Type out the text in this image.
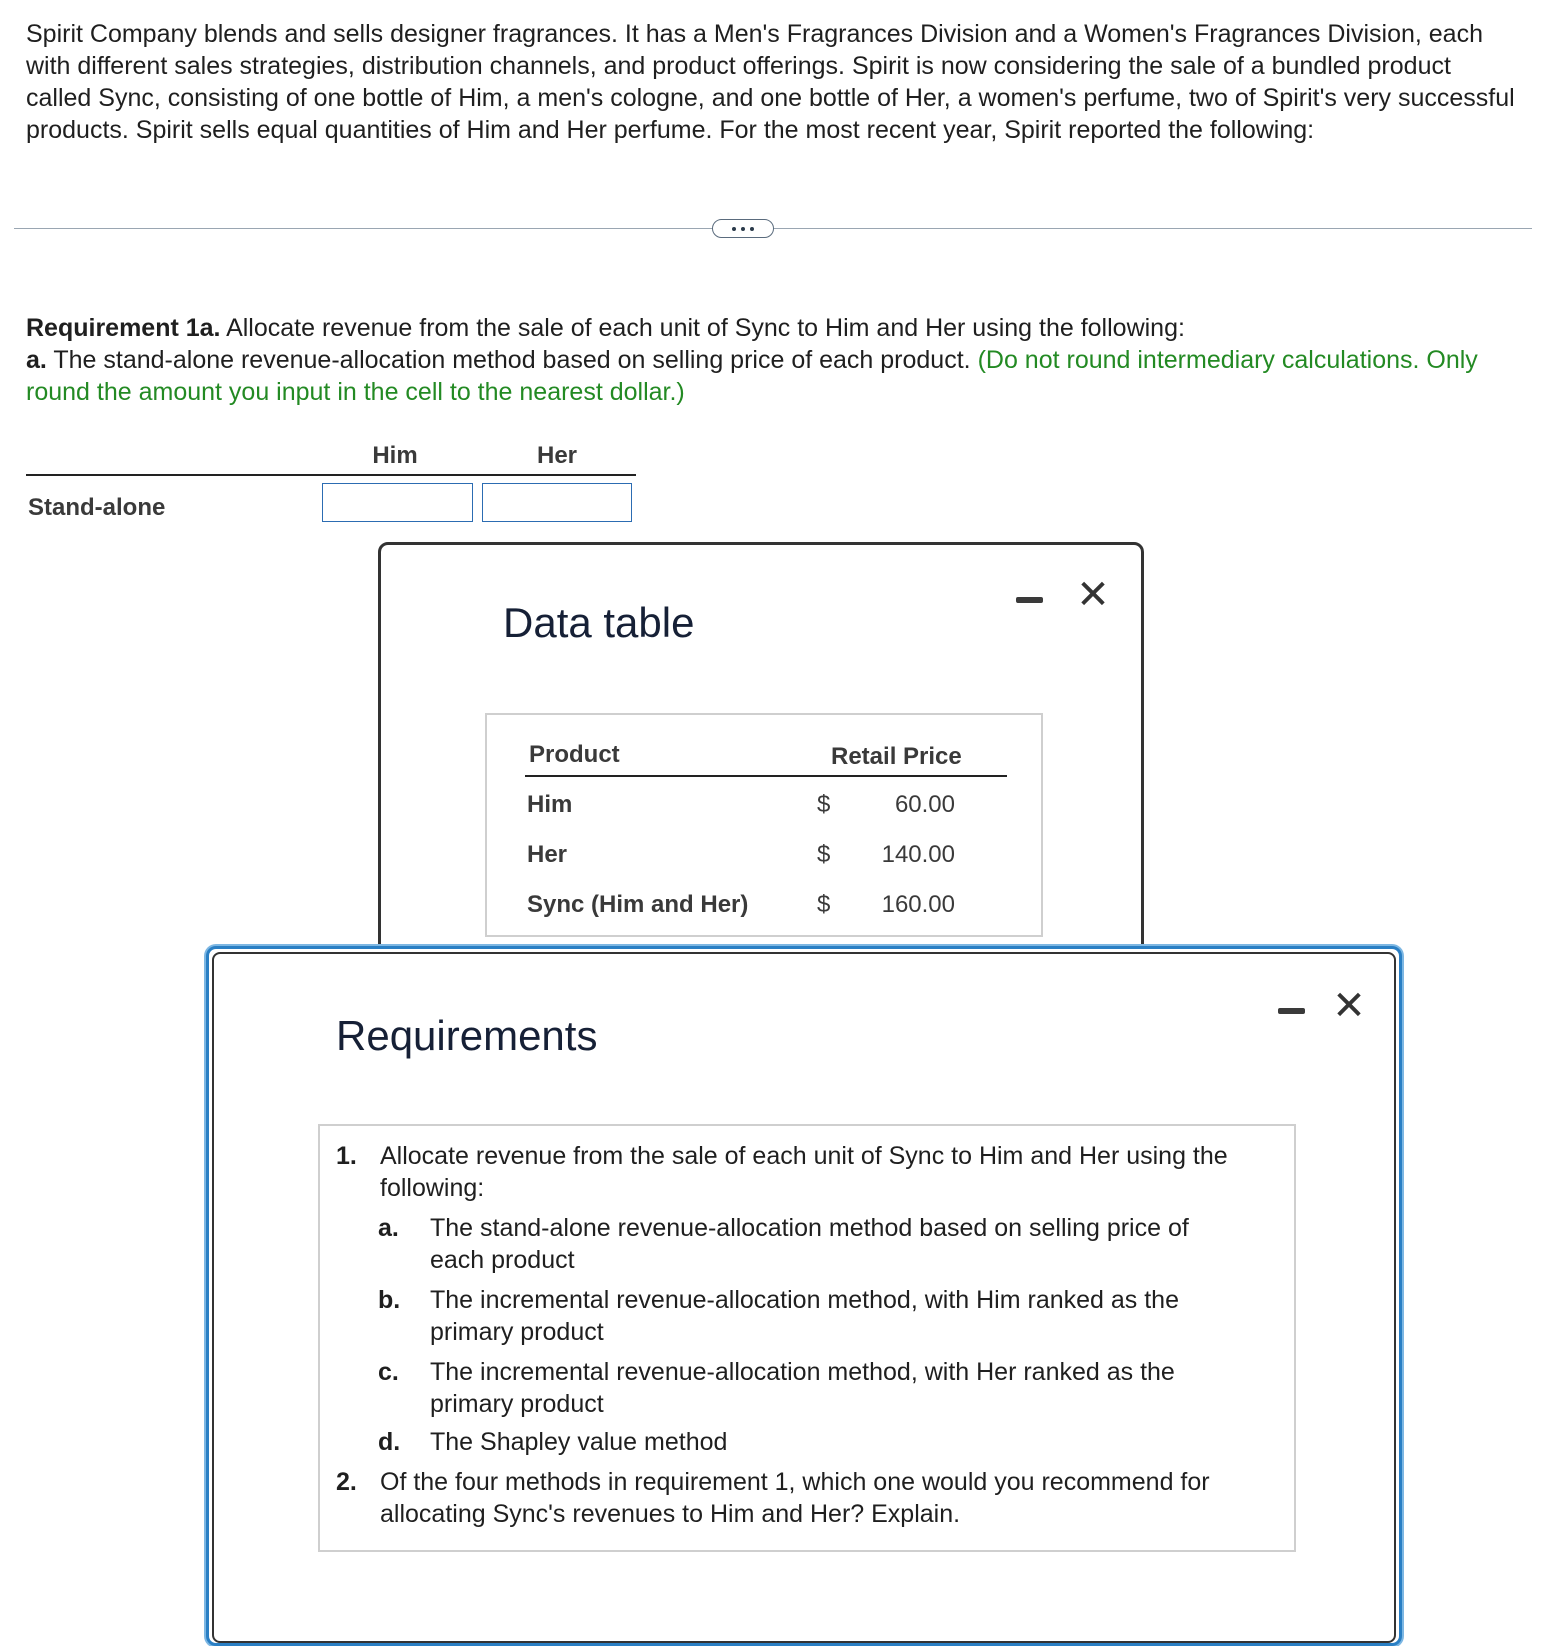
Spirit Company blends and sells designer fragrances. It has a Men's Fragrances Division and a Women's Fragrances Division, each with different sales strategies, distribution channels, and product offerings. Spirit is now considering the sale of a bundled product called Sync, consisting of one bottle of Him, a men's cologne, and one bottle of Her, a women's perfume, two of Spirit's very successful products. Spirit sells equal quantities of Him and Her perfume. For the most recent year, Spirit reported the following:

Requirement 1a. Allocate revenue from the sale of each unit of Sync to Him and Her using the following:
a. The stand-alone revenue-allocation method based on selling price of each product. (Do not round intermediary calculations. Only round the amount you input in the cell to the nearest dollar.)

Him	Her
Stand-alone
Data table
✕
Product	Retail Price
Him	$	60.00
Her	$ 140.00
Sync (Him and Her)	$ 160.00
Requirements
✕
1. Allocate revenue from the sale of each unit of Sync to Him and Her using the following:
a. The stand-alone revenue-allocation method based on selling price of each product
b. The incremental revenue-allocation method, with Him ranked as the primary product
c. The incremental revenue-allocation method, with Her ranked as the primary product
d. The Shapley value method
2. Of the four methods in requirement 1, which one would you recommend for allocating Sync's revenues to Him and Her? Explain.
